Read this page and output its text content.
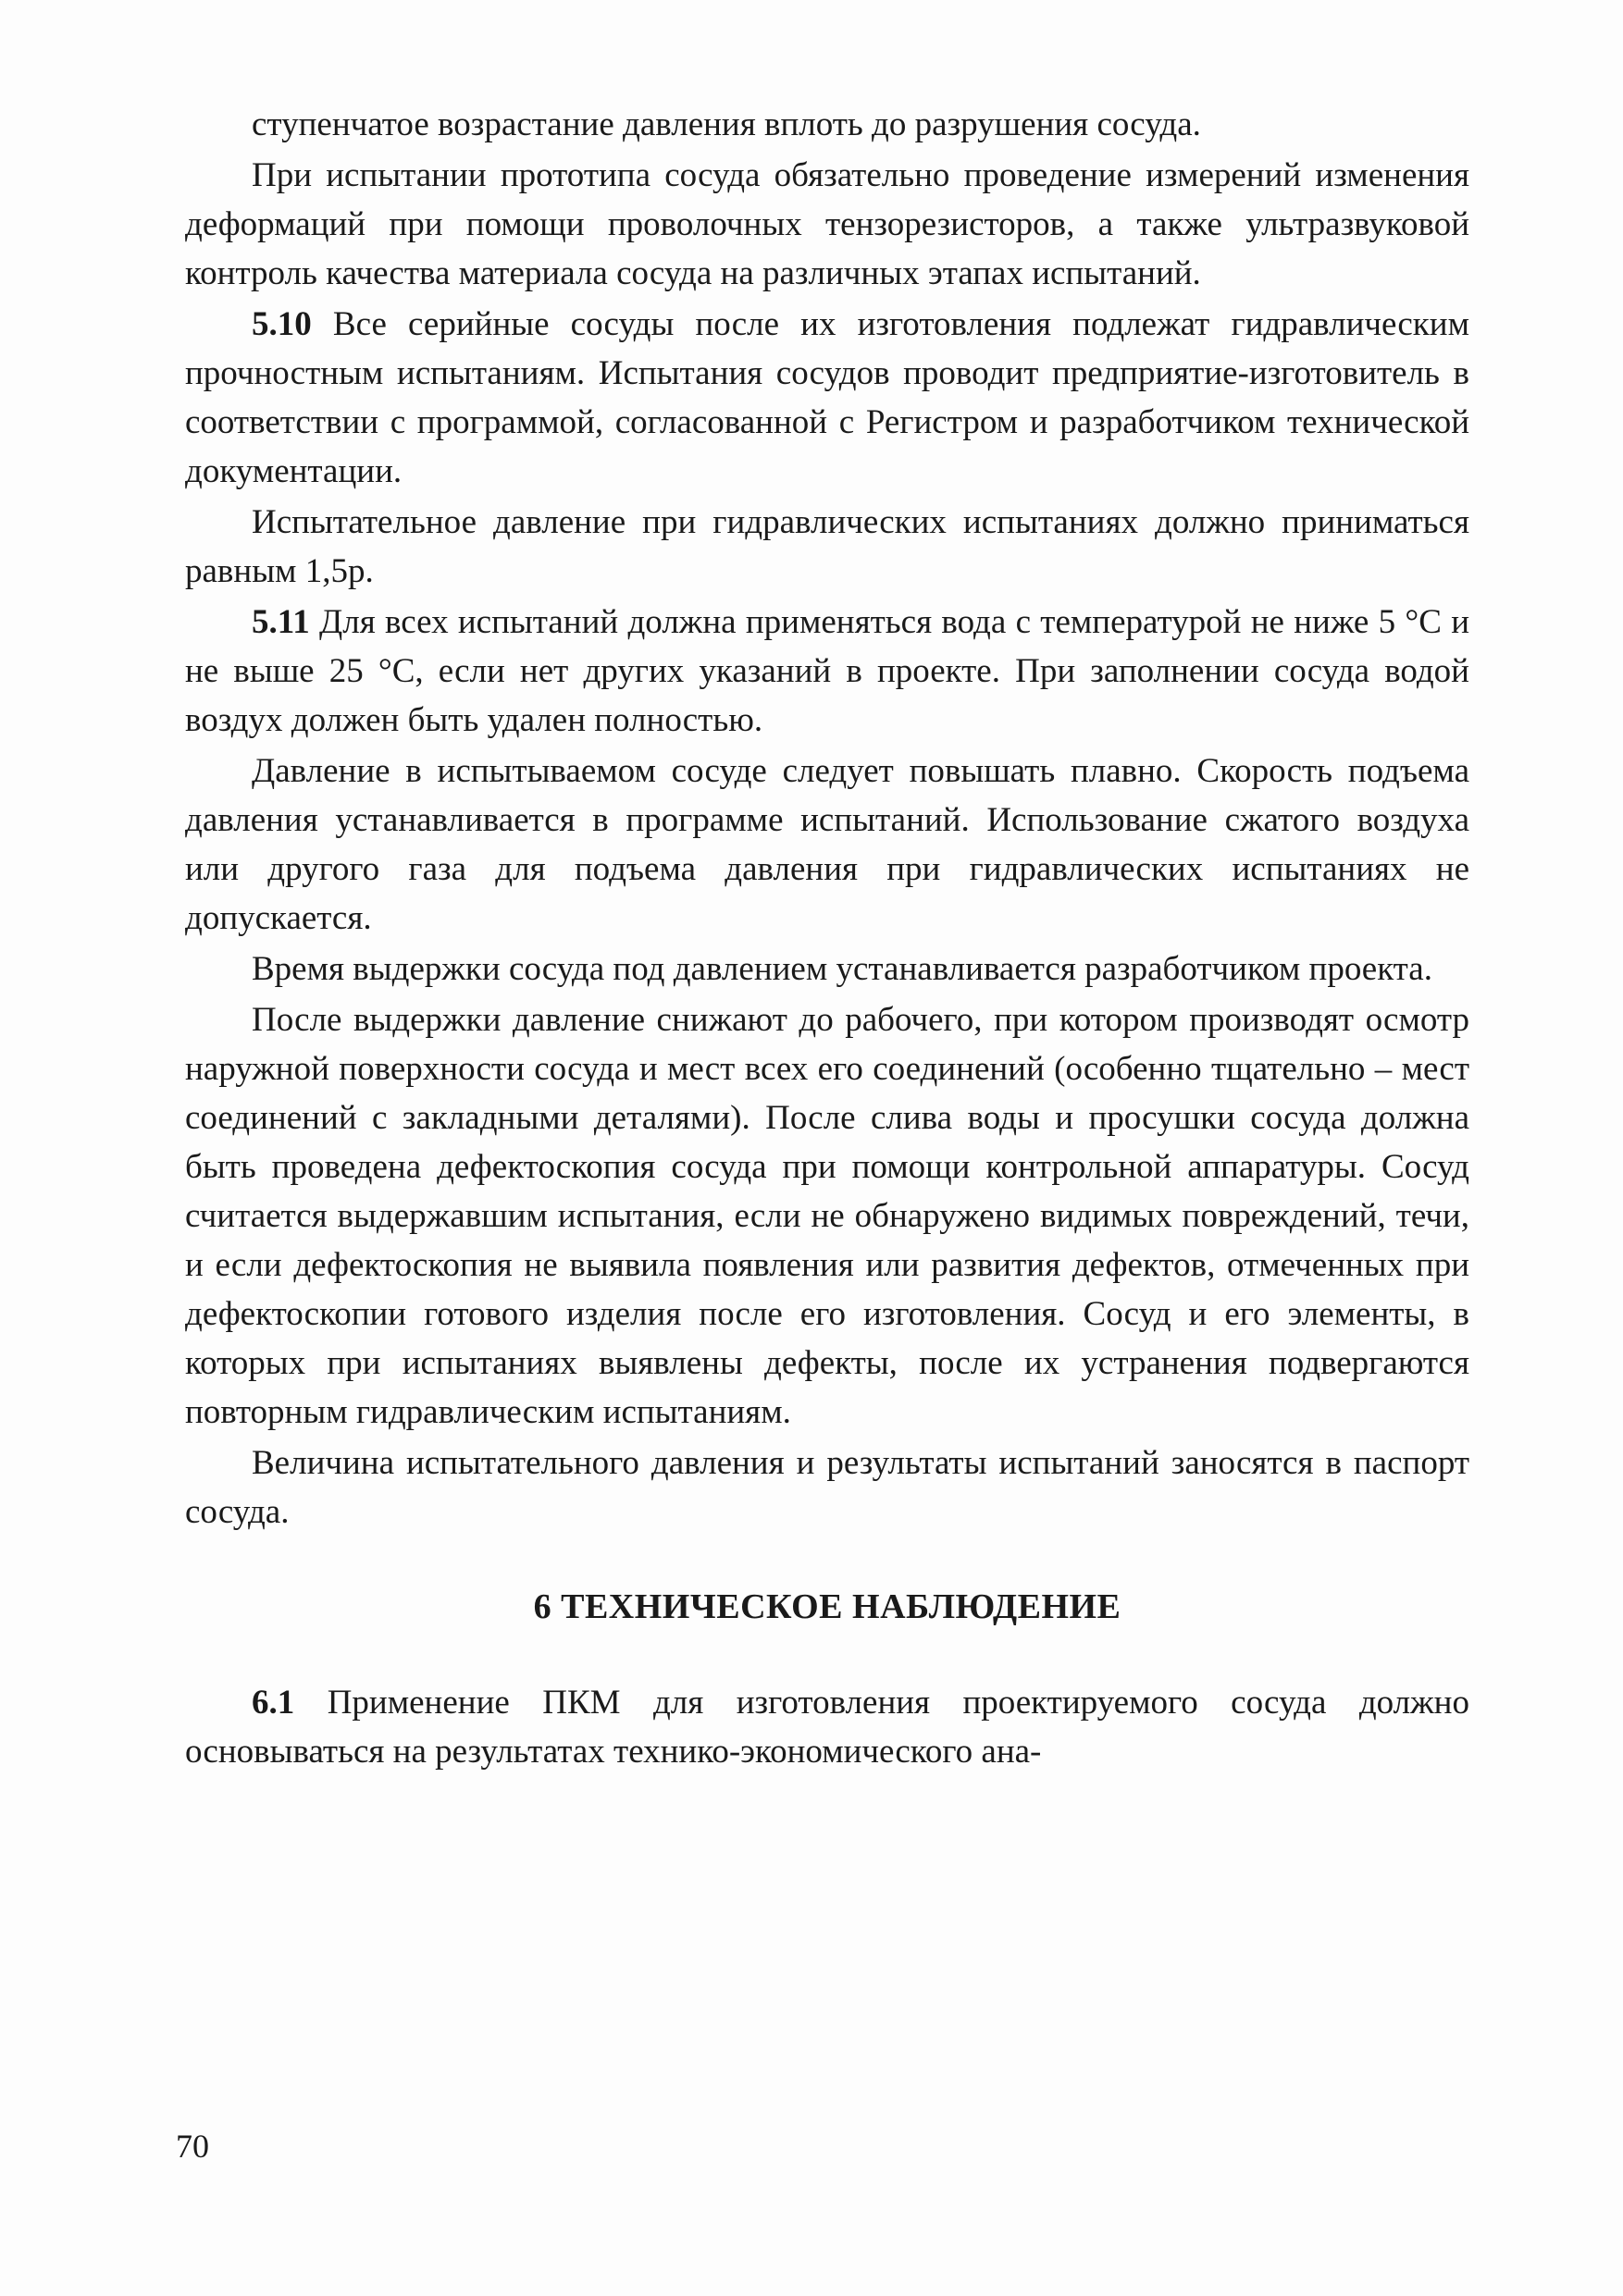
ступенчатое возрастание давления вплоть до разрушения сосуда.

При испытании прототипа сосуда обязательно проведение измерений изменения деформаций при помощи проволочных тензорезисторов, а также ультразвуковой контроль качества материала сосуда на различных этапах испытаний.

5.10 Все серийные сосуды после их изготовления подлежат гидравлическим прочностным испытаниям. Испытания сосудов проводит предприятие-изготовитель в соответствии с программой, согласованной с Регистром и разработчиком технической документации.

Испытательное давление при гидравлических испытаниях должно приниматься равным 1,5p.

5.11 Для всех испытаний должна применяться вода с температурой не ниже 5 °С и не выше 25 °С, если нет других указаний в проекте. При заполнении сосуда водой воздух должен быть удален полностью.

Давление в испытываемом сосуде следует повышать плавно. Скорость подъема давления устанавливается в программе испытаний. Использование сжатого воздуха или другого газа для подъема давления при гидравлических испытаниях не допускается.

Время выдержки сосуда под давлением устанавливается разработчиком проекта.

После выдержки давление снижают до рабочего, при котором производят осмотр наружной поверхности сосуда и мест всех его соединений (особенно тщательно – мест соединений с закладными деталями). После слива воды и просушки сосуда должна быть проведена дефектоскопия сосуда при помощи контрольной аппаратуры. Сосуд считается выдержавшим испытания, если не обнаружено видимых повреждений, течи, и если дефектоскопия не выявила появления или развития дефектов, отмеченных при дефектоскопии готового изделия после его изготовления. Сосуд и его элементы, в которых при испытаниях выявлены дефекты, после их устранения подвергаются повторным гидравлическим испытаниям.

Величина испытательного давления и результаты испытаний заносятся в паспорт сосуда.

6 ТЕХНИЧЕСКОЕ НАБЛЮДЕНИЕ

6.1 Применение ПКМ для изготовления проектируемого сосуда должно основываться на результатах технико-экономического ана-

70
